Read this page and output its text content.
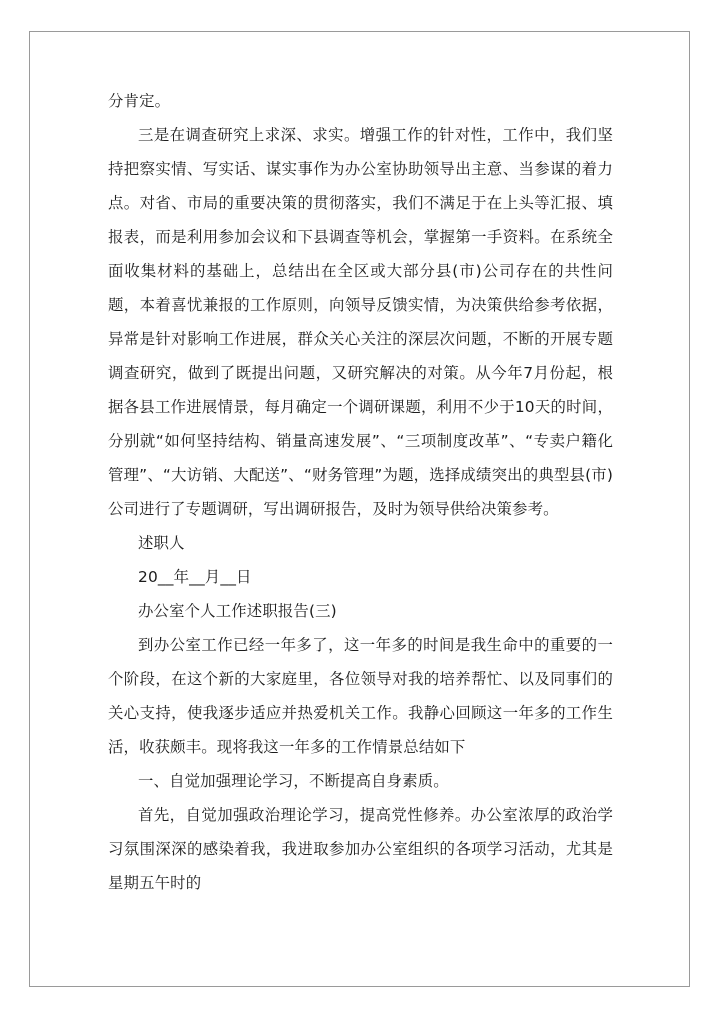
分肯定。

三是在调查研究上求深、求实。增强工作的针对性，工作中，我们坚持把察实情、写实话、谋实事作为办公室协助领导出主意、当参谋的着力点。对省、市局的重要决策的贯彻落实，我们不满足于在上头等汇报、填报表，而是利用参加会议和下县调查等机会，掌握第一手资料。在系统全面收集材料的基础上，总结出在全区或大部分县(市)公司存在的共性问题，本着喜忧兼报的工作原则，向领导反馈实情，为决策供给参考依据，异常是针对影响工作进展，群众关心关注的深层次问题，不断的开展专题调查研究，做到了既提出问题，又研究解决的对策。从今年7月份起，根据各县工作进展情景，每月确定一个调研课题，利用不少于10天的时间，分别就“如何坚持结构、销量高速发展”、“三项制度改革”、“专卖户籍化管理”、“大访销、大配送”、“财务管理”为题，选择成绩突出的典型县(市)公司进行了专题调研，写出调研报告，及时为领导供给决策参考。

述职人

20__年__月__日

办公室个人工作述职报告(三)

到办公室工作已经一年多了，这一年多的时间是我生命中的重要的一个阶段，在这个新的大家庭里，各位领导对我的培养帮忙、以及同事们的关心支持，使我逐步适应并热爱机关工作。我静心回顾这一年多的工作生活，收获颇丰。现将我这一年多的工作情景总结如下

一、自觉加强理论学习，不断提高自身素质。

首先，自觉加强政治理论学习，提高党性修养。办公室浓厚的政治学习氛围深深的感染着我，我进取参加办公室组织的各项学习活动，尤其是星期五午时的
